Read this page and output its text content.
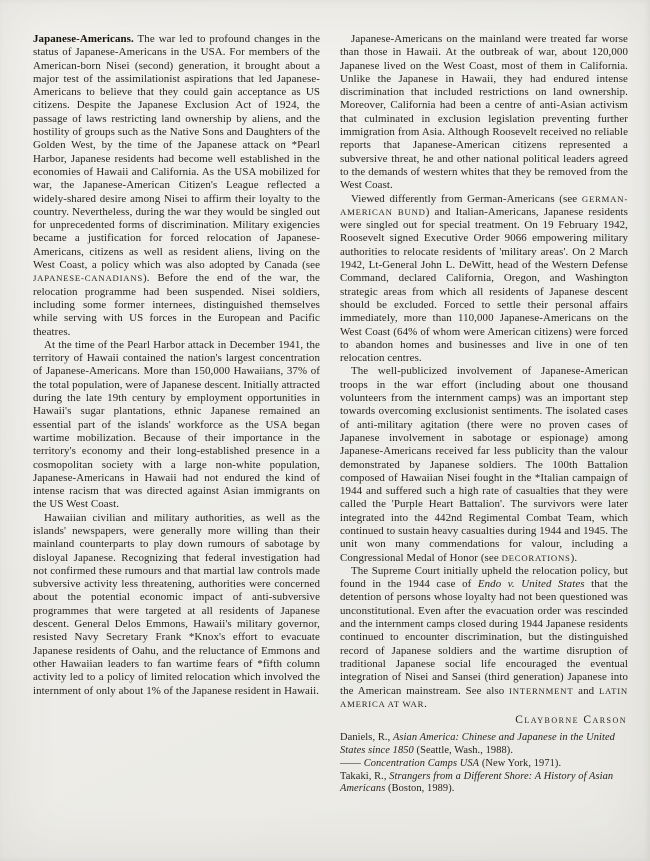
Japanese-Americans. The war led to profound changes in the status of Japanese-Americans in the USA. For members of the American-born Nisei (second) generation, it brought about a major test of the assimilationist aspirations that led Japanese-Americans to believe that they could gain acceptance as US citizens. Despite the Japanese Exclusion Act of 1924, the passage of laws restricting land ownership by aliens, and the hostility of groups such as the Native Sons and Daughters of the Golden West, by the time of the Japanese attack on *Pearl Harbor, Japanese residents had become well established in the economies of Hawaii and California. As the USA mobilized for war, the Japanese-American Citizen's League reflected a widely-shared desire among Nisei to affirm their loyalty to the country. Nevertheless, during the war they would be singled out for unprecedented forms of discrimination. Military exigencies became a justification for forced relocation of Japanese-Americans, citizens as well as resident aliens, living on the West Coast, a policy which was also adopted by Canada (see JAPANESE-CANADIANS). Before the end of the war, the relocation programme had been suspended. Nisei soldiers, including some former internees, distinguished themselves while serving with US forces in the European and Pacific theatres.

At the time of the Pearl Harbor attack in December 1941, the territory of Hawaii contained the nation's largest concentration of Japanese-Americans. More than 150,000 Hawaiians, 37% of the total population, were of Japanese descent. Initially attracted during the late 19th century by employment opportunities in Hawaii's sugar plantations, ethnic Japanese remained an essential part of the islands' workforce as the USA began wartime mobilization. Because of their importance in the territory's economy and their long-established presence in a cosmopolitan society with a large non-white population, Japanese-Americans in Hawaii had not endured the kind of intense racism that was directed against Asian immigrants on the US West Coast.

Hawaiian civilian and military authorities, as well as the islands' newspapers, were generally more willing than their mainland counterparts to play down rumours of sabotage by disloyal Japanese. Recognizing that federal investigation had not confirmed these rumours and that martial law controls made subversive activity less threatening, authorities were concerned about the potential economic impact of anti-subversive programmes that were targeted at all residents of Japanese descent. General Delos Emmons, Hawaii's military governor, resisted Navy Secretary Frank *Knox's effort to evacuate Japanese residents of Oahu, and the reluctance of Emmons and other Hawaiian leaders to fan wartime fears of *fifth column activity led to a policy of limited relocation which involved the internment of only about 1% of the Japanese resident in Hawaii.

Japanese-Americans on the mainland were treated far worse than those in Hawaii. At the outbreak of war, about 120,000 Japanese lived on the West Coast, most of them in California. Unlike the Japanese in Hawaii, they had endured intense discrimination that included restrictions on land ownership. Moreover, California had been a centre of anti-Asian activism that culminated in exclusion legislation preventing further immigration from Asia. Although Roosevelt received no reliable reports that Japanese-American citizens represented a subversive threat, he and other national political leaders agreed to the demands of western whites that they be removed from the West Coast.

Viewed differently from German-Americans (see GERMAN-AMERICAN BUND) and Italian-Americans, Japanese residents were singled out for special treatment. On 19 February 1942, Roosevelt signed Executive Order 9066 empowering military authorities to relocate residents of 'military areas'. On 2 March 1942, Lt-General John L. DeWitt, head of the Western Defense Command, declared California, Oregon, and Washington strategic areas from which all residents of Japanese descent should be excluded. Forced to settle their personal affairs immediately, more than 110,000 Japanese-Americans on the West Coast (64% of whom were American citizens) were forced to abandon homes and businesses and live in one of ten relocation centres.

The well-publicized involvement of Japanese-American troops in the war effort (including about one thousand volunteers from the internment camps) was an important step towards overcoming exclusionist sentiments. The isolated cases of anti-military agitation (there were no proven cases of Japanese involvement in sabotage or espionage) among Japanese-Americans received far less publicity than the valour demonstrated by Japanese soldiers. The 100th Battalion composed of Hawaiian Nisei fought in the *Italian campaign of 1944 and suffered such a high rate of casualties that they were called the 'Purple Heart Battalion'. The survivors were later integrated into the 442nd Regimental Combat Team, which continued to sustain heavy casualties during 1944 and 1945. The unit won many commendations for valour, including a Congressional Medal of Honor (see DECORATIONS).

The Supreme Court initially upheld the relocation policy, but found in the 1944 case of Endo v. United States that the detention of persons whose loyalty had not been questioned was unconstitutional. Even after the evacuation order was rescinded and the internment camps closed during 1944 Japanese residents continued to encounter discrimination, but the distinguished record of Japanese soldiers and the wartime disruption of traditional Japanese social life encouraged the eventual integration of Nisei and Sansei (third generation) Japanese into the American mainstream. See also INTERNMENT and LATIN AMERICA AT WAR.

Clayborne Carson

Daniels, R., Asian America: Chinese and Japanese in the United States since 1850 (Seattle, Wash., 1988).

—— Concentration Camps USA (New York, 1971).

Takaki, R., Strangers from a Different Shore: A History of Asian Americans (Boston, 1989).
